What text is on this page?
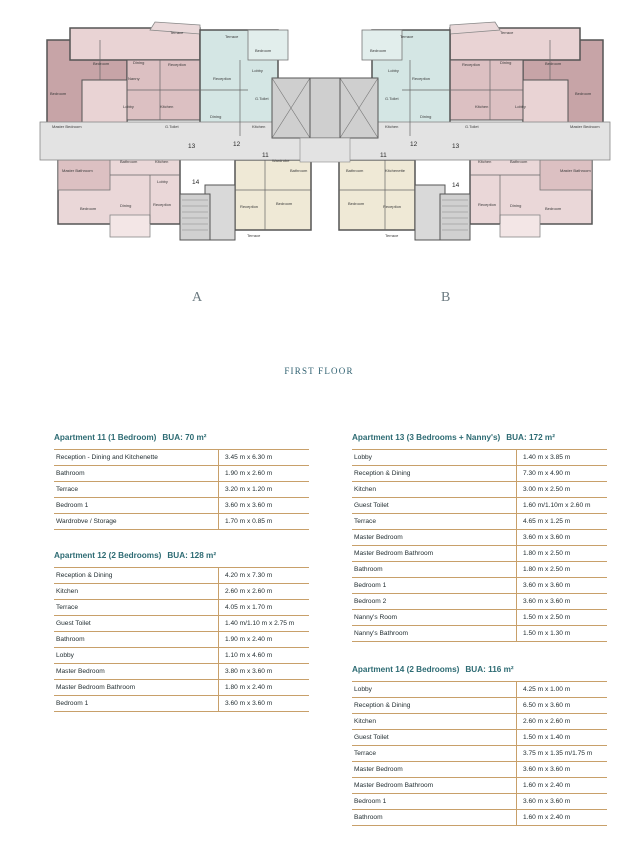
Terrace
Bedroom	Dining	Reception
Bedroom
Lobby	Kitchen
Master Bedroom	G.Toilet
Nanny
Bathroom	Kitchen
Master Bathroom
Bedroom
Dining	Reception
Lobby
Terrace
Bedroom
Reception
Lobby
Dining
Kitchen
G.Toilet
Wardrobe
Bathroom
Reception
Bedroom
Terrace
Terrace
Bedroom
Dining
Reception
Bedroom
Lobby
Kitchen
Master Bedroom
G.Toilet
Bathroom
Kitchen
Master Bathroom
Bedroom
Dining
Reception
Terrace
Bedroom
Reception
Lobby
Dining
Kitchen
G.Toilet
Bathroom	Kitchenette
Bedroom
Reception
Terrace
13	12
11
14
13
12
11
14
A	B
FIRST FLOOR
Apartment 11 (1 Bedroom) BUA: 70 m²
Reception - Dining and Kitchenette	3.45 m x 6.30 m
Bathroom	1.90 m x 2.60 m
Terrace	3.20 m x 1.20 m
Bedroom 1	3.60 m x 3.60 m
Wardrobve / Storage	1.70 m x 0.85 m
Apartment 12 (2 Bedrooms) BUA: 128 m²
Reception & Dining	4.20 m x 7.30 m
Kitchen	2.60 m x 2.60 m
Terrace	4.05 m x 1.70 m
Guest Toilet	1.40 m/1.10 m x 2.75 m
Bathroom	1.90 m x 2.40 m
Lobby	1.10 m x 4.60 m
Master Bedroom	3.80 m x 3.60 m
Master Bedroom Bathroom	1.80 m x 2.40 m
Bedroom 1	3.60 m x 3.60 m
Apartment 13 (3 Bedrooms + Nanny's) BUA: 172 m²
Lobby	1.40 m x 3.85 m
Reception & Dining	7.30 m x 4.90 m
Kitchen	3.00 m x 2.50 m
Guest Toilet	1.60 m/1.10m x 2.60 m
Terrace	4.65 m x 1.25 m
Master Bedroom	3.60 m x 3.60 m
Master Bedroom Bathroom	1.80 m x 2.50 m
Bathroom	1.80 m x 2.50 m
Bedroom 1	3.60 m x 3.60 m
Bedroom 2	3.60 m x 3.60 m
Nanny's Room	1.50 m x 2.50 m
Nanny's Bathroom	1.50 m x 1.30 m
Apartment 14 (2 Bedrooms) BUA: 116 m²
Lobby	4.25 m x 1.00 m
Reception & Dining	6.50 m x 3.60 m
Kitchen	2.60 m x 2.60 m
Guest Toilet	1.50 m x 1.40 m
Terrace	3.75 m x 1.35 m/1.75 m
Master Bedroom	3.60 m x 3.60 m
Master Bedroom Bathroom	1.60 m x 2.40 m
Bedroom 1	3.60 m x 3.60 m
Bathroom	1.60 m x 2.40 m
